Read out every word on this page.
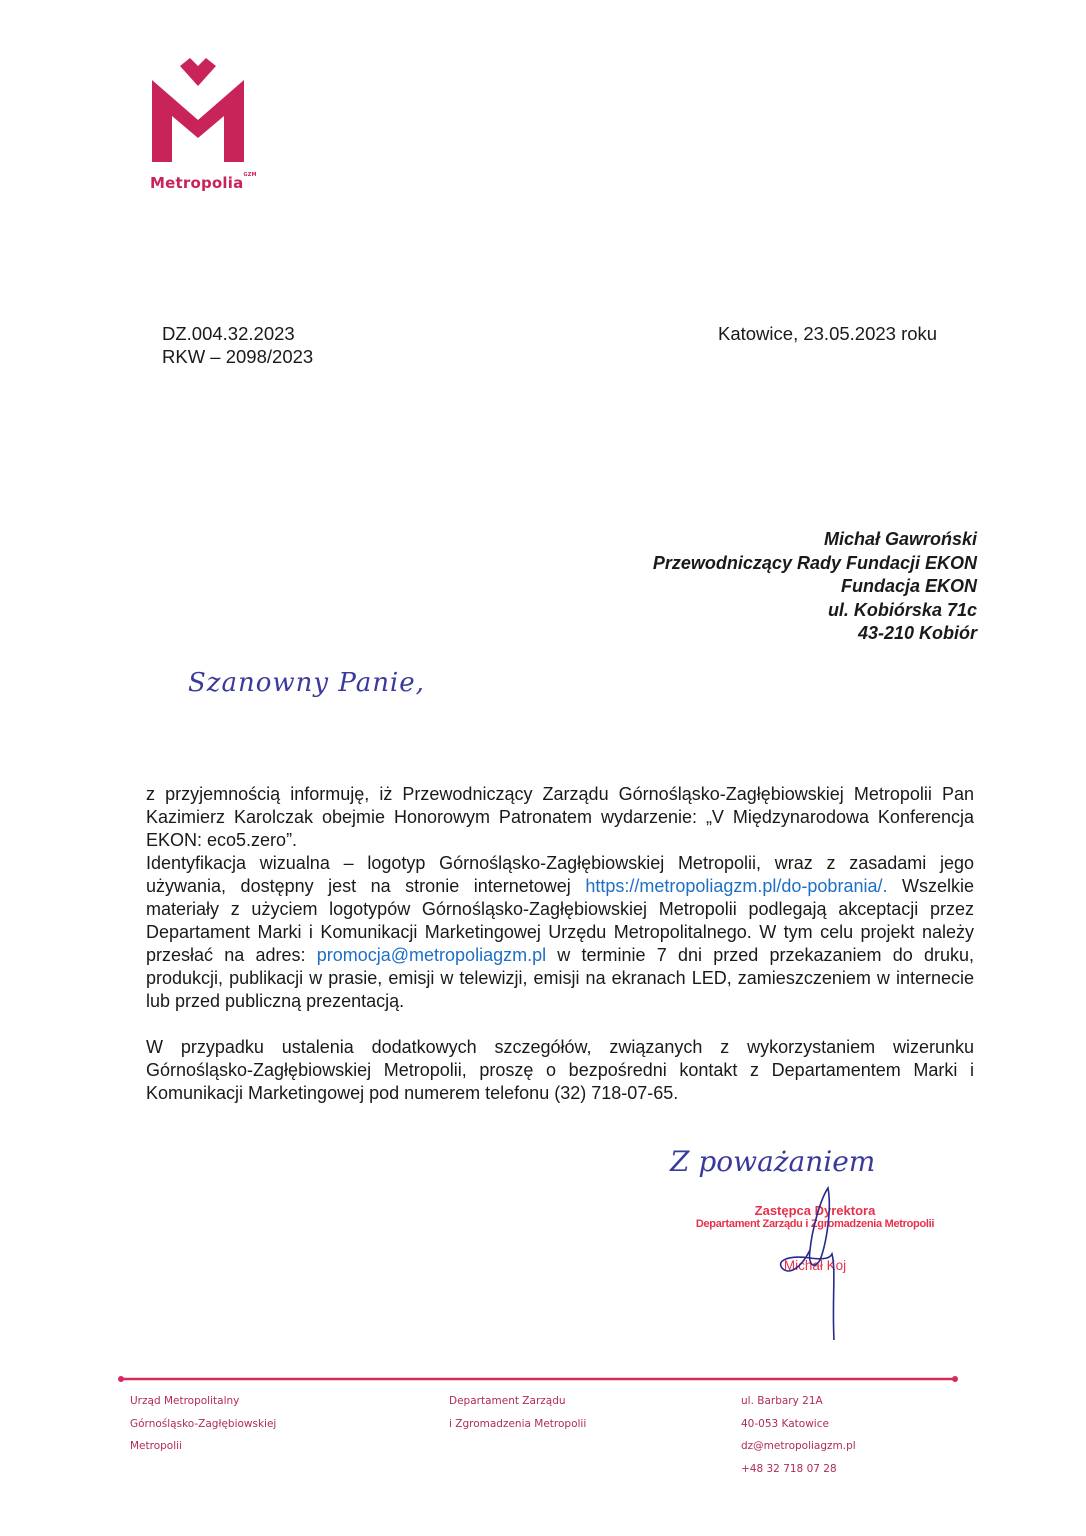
Metropolia$^{GZM}$
DZ.004.32.2023
RKW – 2098/2023
Katowice, 23.05.2023 roku
Michał Gawroński
Przewodniczący Rady Fundacji EKON
Fundacja EKON
ul. Kobiórska 71c
43-210 Kobiór
Szanowny Panie,
z przyjemnością informuję, iż Przewodniczący Zarządu Górnośląsko-Zagłębiowskiej Metropolii Pan Kazimierz Karolczak obejmie Honorowym Patronatem wydarzenie: „V Międzynarodowa Konferencja EKON: eco5.zero”.
Identyfikacja wizualna – logotyp Górnośląsko-Zagłębiowskiej Metropolii, wraz z zasadami jego używania, dostępny jest na stronie internetowej https://metropoliagzm.pl/do-pobrania/. Wszelkie materiały z użyciem logotypów Górnośląsko-Zagłębiowskiej Metropolii podlegają akceptacji przez Departament Marki i Komunikacji Marketingowej Urzędu Metropolitalnego. W tym celu projekt należy przesłać na adres: promocja@metropoliagzm.pl w terminie 7 dni przed przekazaniem do druku, produkcji, publikacji w prasie, emisji w telewizji, emisji na ekranach LED, zamieszczeniem w internecie lub przed publiczną prezentacją.
W przypadku ustalenia dodatkowych szczegółów, związanych z wykorzystaniem wizerunku Górnośląsko-Zagłębiowskiej Metropolii, proszę o bezpośredni kontakt z Departamentem Marki i Komunikacji Marketingowej pod numerem telefonu (32) 718-07-65.
Z poważaniem
Zastępca Dyrektora
Departament Zarządu i Zgromadzenia Metropolii
Michał Koj
Urząd Metropolitalny
Górnośląsko-Zagłębiowskiej
Metropolii
Departament Zarządu
i Zgromadzenia Metropolii
ul. Barbary 21A
40-053 Katowice
dz@metropoliagzm.pl
+48 32 718 07 28
